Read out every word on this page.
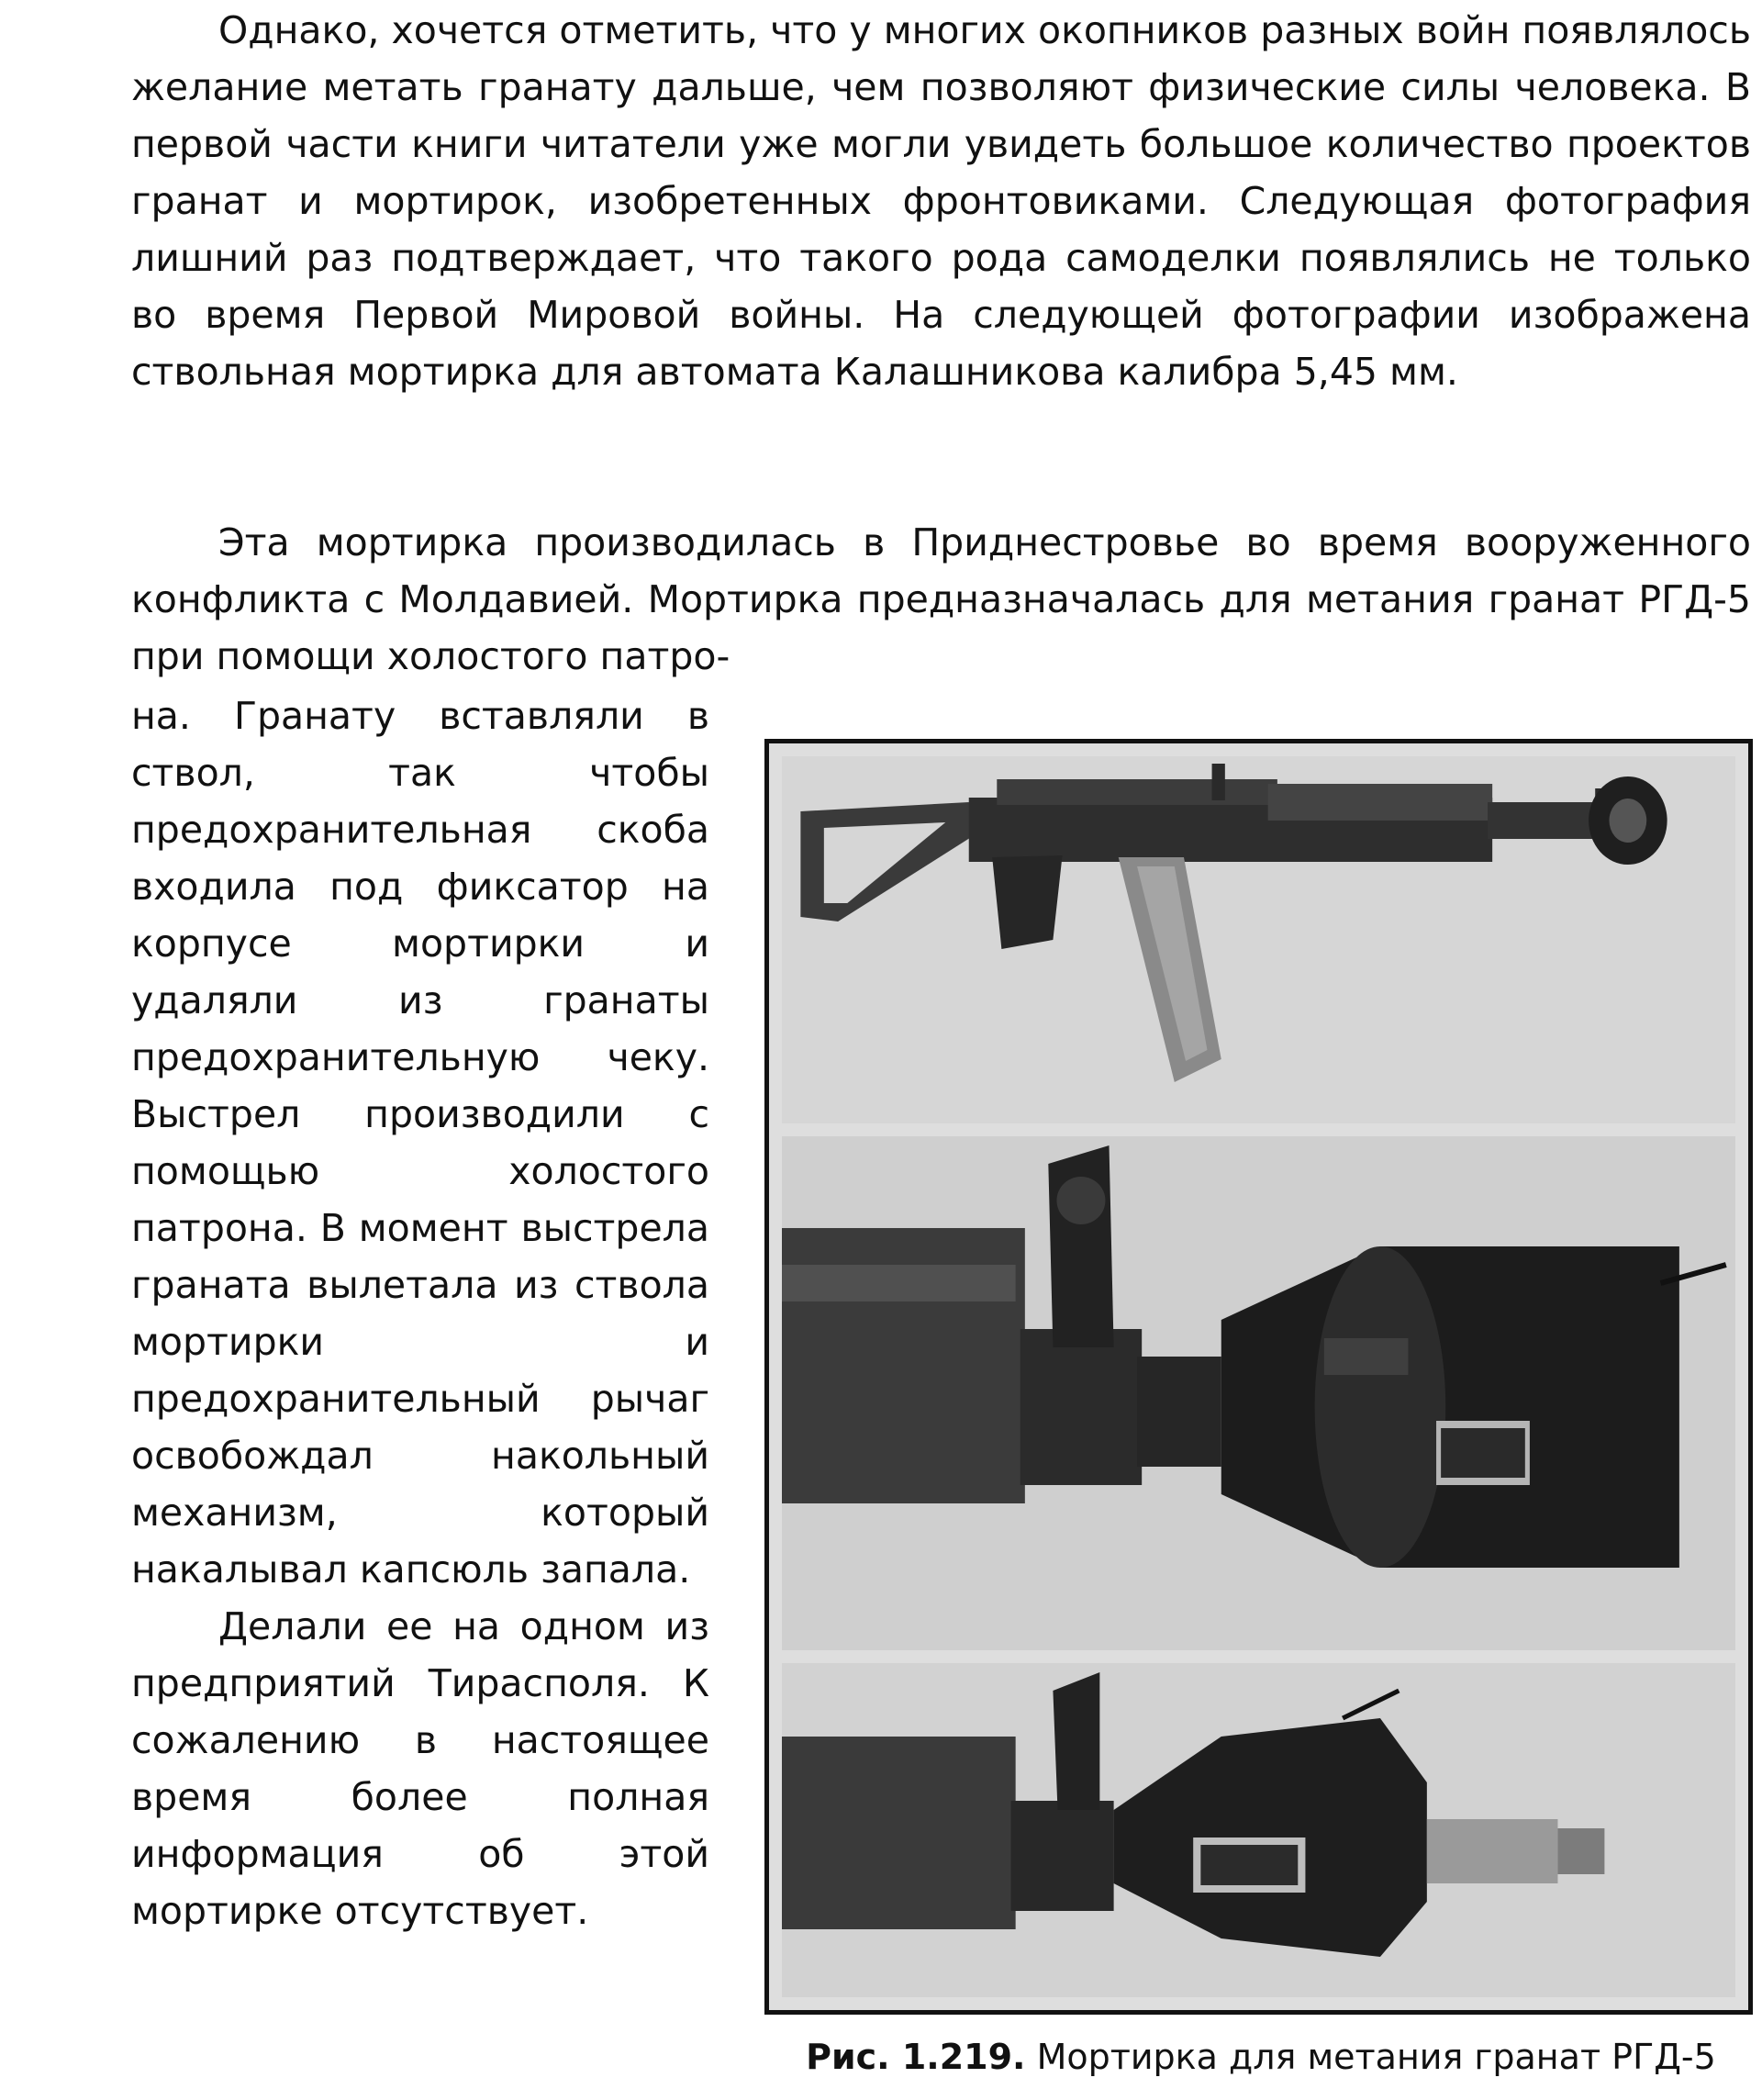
Однако, хочется отметить, что у многих окопников разных войн появлялось желание метать гранату дальше, чем позволяют физические силы человека. В первой части книги читатели уже могли увидеть большое количество проектов гранат и мортирок, изобретенных фронтовиками. Следующая фотография лишний раз подтверждает, что такого рода самоделки появлялись не только во время Первой Мировой войны. На следующей фотографии изображена ствольная мортирка для автомата Калашникова калибра 5,45 мм.

Эта мортирка производилась в Приднестровье во время вооруженного конфликта с Молдавией. Мортирка предназначалась для метания гранат РГД-5 при помощи холостого патро-

на. Гранату вставляли в ствол, так чтобы предохранительная скоба входила под фиксатор на корпусе мортирки и удаляли из гранаты предохранительную чеку. Выстрел производили с помощью холостого патрона. В момент выстрела граната вылетала из ствола мортирки и предохранительный рычаг освобождал накольный механизм, который накалывал капсюль запала.

Делали ее на одном из предприятий Тирасполя. К сожалению в настоящее время более полная информация об этой мортирке отсутствует.

Рис. 1.219. Мортирка для метания гранат РГД-5
